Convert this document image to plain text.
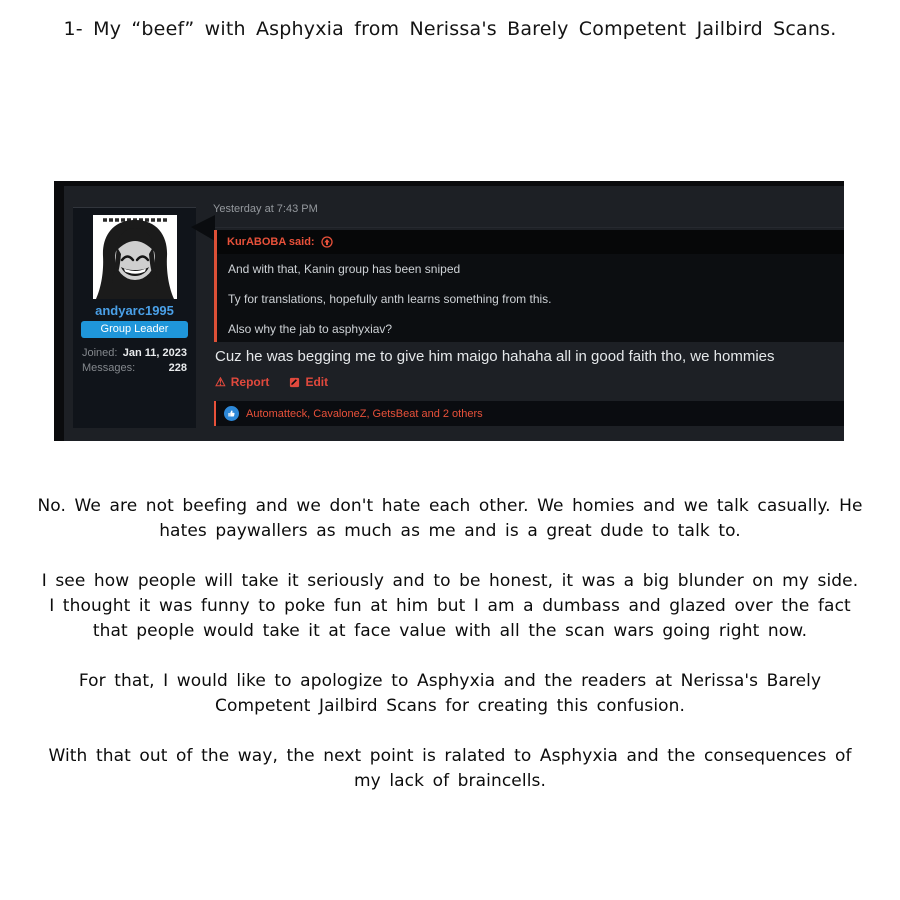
1- My “beef” with Asphyxia from Nerissa's Barely Competent Jailbird Scans.
andyarc1995
Group Leader
Joined: Jan 11, 2023
Messages:	228
Yesterday at 7:43 PM
KurABOBA said:

And with that, Kanin group has been sniped

Ty for translations, hopefully anth learns something from this.

Also why the jab to asphyxiav?

Cuz he was begging me to give him maigo hahaha all in good faith tho, we hommies
⚠ Report	Edit
Automatteck, CavaloneZ, GetsBeat and 2 others

No. We are not beefing and we don't hate each other. We homies and we talk casually. He hates paywallers as much as me and is a great dude to talk to.

I see how people will take it seriously and to be honest, it was a big blunder on my side. I thought it was funny to poke fun at him but I am a dumbass and glazed over the fact that people would take it at face value with all the scan wars going right now.

For that, I would like to apologize to Asphyxia and the readers at Nerissa's Barely Competent Jailbird Scans for creating this confusion.

With that out of the way, the next point is ralated to Asphyxia and the consequences of my lack of braincells.
